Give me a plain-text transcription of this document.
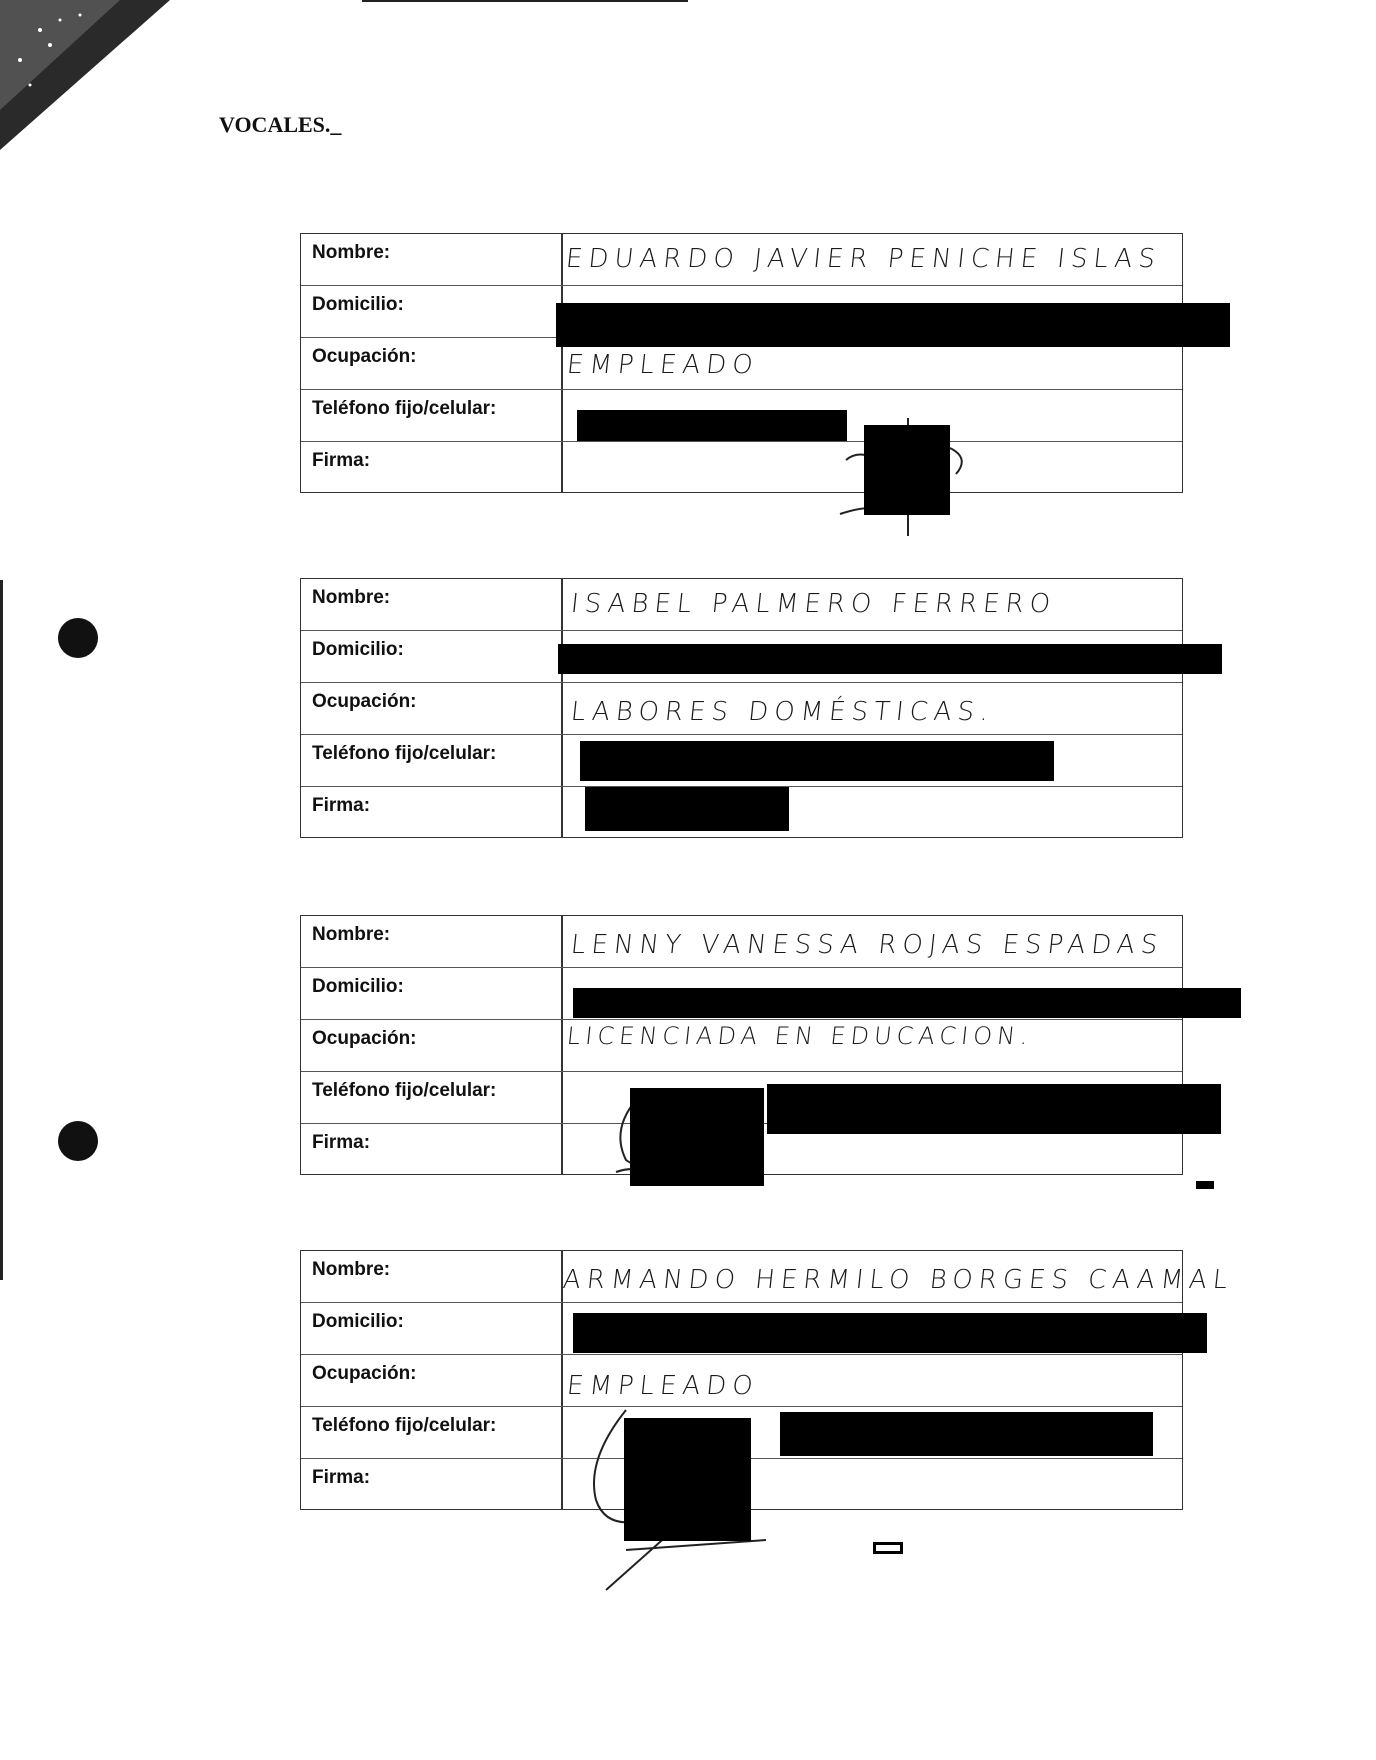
VOCALES._
Nombre:	EDUARDO JAVIER PENICHE ISLAS
Domicilio:
Ocupación:	EMPLEADO
Teléfono fijo/celular:
Firma:
Nombre:	ISABEL PALMERO FERRERO
Domicilio:
Ocupación:	LABORES DOMÉSTICAS.
Teléfono fijo/celular:
Firma:
Nombre:	LENNY VANESSA ROJAS ESPADAS
Domicilio:
Ocupación:	LICENCIADA EN EDUCACION.
Teléfono fijo/celular:
Firma:
Nombre:	ARMANDO HERMILO BORGES CAAMAL
Domicilio:
Ocupación:	EMPLEADO
Teléfono fijo/celular:
Firma:
